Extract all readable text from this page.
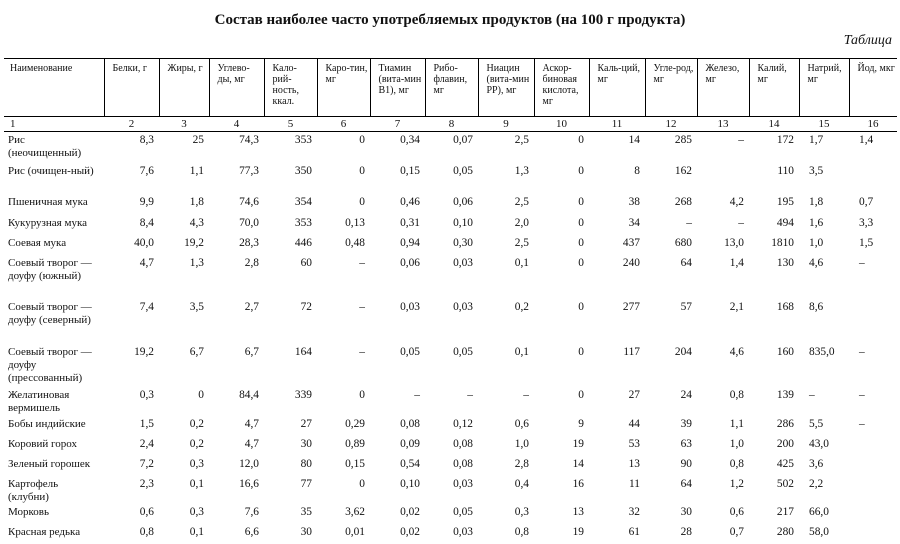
Состав наиболее часто употребляемых продуктов (на 100 г продукта)
Таблица
Наименование	Белки, г	Жиры, г	Углево-ды, мг	Кало-рий-ность, ккал.	Каро-тин, мг	Тиамин (вита-мин В1), мг	Рибо-флавин, мг	Ниацин (вита-мин РР), мг	Аскор-биновая кислота, мг	Каль-ций, мг	Угле-род, мг	Железо, мг	Калий, мг	Натрий, мг	Йод, мкг
1	2	3	4	5	6	7	8	9	10	11	12	13	14	15	16
Рис (неочищенный)	8,3	25	74,3	353	0	0,34	0,07	2,5	0	14	285	–	172	1,7	1,4
Рис (очищен-ный)	7,6	1,1	77,3	350	0	0,15	0,05	1,3	0	8	162		110	3,5	
Пшеничная мука	9,9	1,8	74,6	354	0	0,46	0,06	2,5	0	38	268	4,2	195	1,8	0,7
Кукурузная мука	8,4	4,3	70,0	353	0,13	0,31	0,10	2,0	0	34	–	–	494	1,6	3,3
Соевая мука	40,0	19,2	28,3	446	0,48	0,94	0,30	2,5	0	437	680	13,0	1810	1,0	1,5
Соевый творог — доуфу (южный)	4,7	1,3	2,8	60	–	0,06	0,03	0,1	0	240	64	1,4	130	4,6	–
Соевый творог — доуфу (северный)	7,4	3,5	2,7	72	–	0,03	0,03	0,2	0	277	57	2,1	168	8,6	
Соевый творог — доуфу (прессованный)	19,2	6,7	6,7	164	–	0,05	0,05	0,1	0	117	204	4,6	160	835,0	–
Желатиновая вермишель	0,3	0	84,4	339	0	–	–	–	0	27	24	0,8	139	–	–
Бобы индийские	1,5	0,2	4,7	27	0,29	0,08	0,12	0,6	9	44	39	1,1	286	5,5	–
Коровий горох	2,4	0,2	4,7	30	0,89	0,09	0,08	1,0	19	53	63	1,0	200	43,0	
Зеленый горошек	7,2	0,3	12,0	80	0,15	0,54	0,08	2,8	14	13	90	0,8	425	3,6	
Картофель (клубни)	2,3	0,1	16,6	77	0	0,10	0,03	0,4	16	11	64	1,2	502	2,2	
Морковь	0,6	0,3	7,6	35	3,62	0,02	0,05	0,3	13	32	30	0,6	217	66,0	
Красная редька	0,8	0,1	6,6	30	0,01	0,02	0,03	0,8	19	61	28	0,7	280	58,0	
